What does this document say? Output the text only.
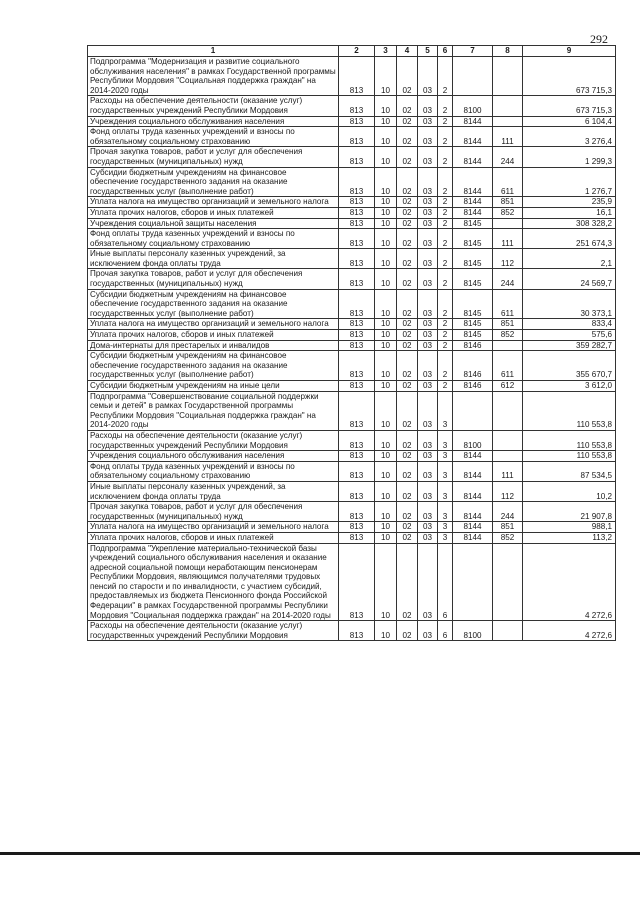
292
1	2	3	4	5	6	7	8	9
Подпрограмма "Модернизация и развитие социального обслуживания населения" в рамках Государственной программы Республики Мордовия "Социальная поддержка граждан" на 2014-2020 годы	813	10	02	03	2			673 715,3
Расходы на обеспечение деятельности (оказание услуг) государственных учреждений Республики Мордовия	813	10	02	03	2	8100		673 715,3
Учреждения социального обслуживания населения	813	10	02	03	2	8144		6 104,4
Фонд оплаты труда казенных учреждений и взносы по обязательному социальному страхованию	813	10	02	03	2	8144	111	3 276,4
Прочая закупка товаров, работ и услуг для обеспечения государственных (муниципальных) нужд	813	10	02	03	2	8144	244	1 299,3
Субсидии бюджетным учреждениям на финансовое обеспечение государственного задания на оказание государственных услуг (выполнение работ)	813	10	02	03	2	8144	611	1 276,7
Уплата налога на имущество организаций и земельного налога	813	10	02	03	2	8144	851	235,9
Уплата прочих налогов, сборов и иных платежей	813	10	02	03	2	8144	852	16,1
Учреждения социальной защиты населения	813	10	02	03	2	8145		308 328,2
Фонд оплаты труда казенных учреждений и взносы по обязательному социальному страхованию	813	10	02	03	2	8145	111	251 674,3
Иные выплаты персоналу казенных учреждений, за исключением фонда оплаты труда	813	10	02	03	2	8145	112	2,1
Прочая закупка товаров, работ и услуг для обеспечения государственных (муниципальных) нужд	813	10	02	03	2	8145	244	24 569,7
Субсидии бюджетным учреждениям на финансовое обеспечение государственного задания на оказание государственных услуг (выполнение работ)	813	10	02	03	2	8145	611	30 373,1
Уплата налога на имущество организаций и земельного налога	813	10	02	03	2	8145	851	833,4
Уплата прочих налогов, сборов и иных платежей	813	10	02	03	2	8145	852	575,6
Дома-интернаты для престарелых и инвалидов	813	10	02	03	2	8146		359 282,7
Субсидии бюджетным учреждениям на финансовое обеспечение государственного задания на оказание государственных услуг (выполнение работ)	813	10	02	03	2	8146	611	355 670,7
Субсидии бюджетным учреждениям на иные цели	813	10	02	03	2	8146	612	3 612,0
Подпрограмма "Совершенствование социальной поддержки семьи и детей" в рамках Государственной программы Республики Мордовия "Социальная поддержка граждан" на 2014-2020 годы	813	10	02	03	3			110 553,8
Расходы на обеспечение деятельности (оказание услуг) государственных учреждений Республики Мордовия	813	10	02	03	3	8100		110 553,8
Учреждения социального обслуживания населения	813	10	02	03	3	8144		110 553,8
Фонд оплаты труда казенных учреждений и взносы по обязательному социальному страхованию	813	10	02	03	3	8144	111	87 534,5
Иные выплаты персоналу казенных учреждений, за исключением фонда оплаты труда	813	10	02	03	3	8144	112	10,2
Прочая закупка товаров, работ и услуг для обеспечения государственных (муниципальных) нужд	813	10	02	03	3	8144	244	21 907,8
Уплата налога на имущество организаций и земельного налога	813	10	02	03	3	8144	851	988,1
Уплата прочих налогов, сборов и иных платежей	813	10	02	03	3	8144	852	113,2
Подпрограмма "Укрепление материально-технической базы учреждений социального обслуживания населения и оказание адресной социальной помощи неработающим пенсионерам Республики Мордовия, являющимся получателями трудовых пенсий по старости и по инвалидности, с участием субсидий, предоставляемых из бюджета Пенсионного фонда Российской Федерации" в рамках Государственной программы Республики Мордовия "Социальная поддержка граждан" на 2014-2020 годы	813	10	02	03	6			4 272,6
Расходы на обеспечение деятельности (оказание услуг) государственных учреждений Республики Мордовия	813	10	02	03	6	8100		4 272,6
